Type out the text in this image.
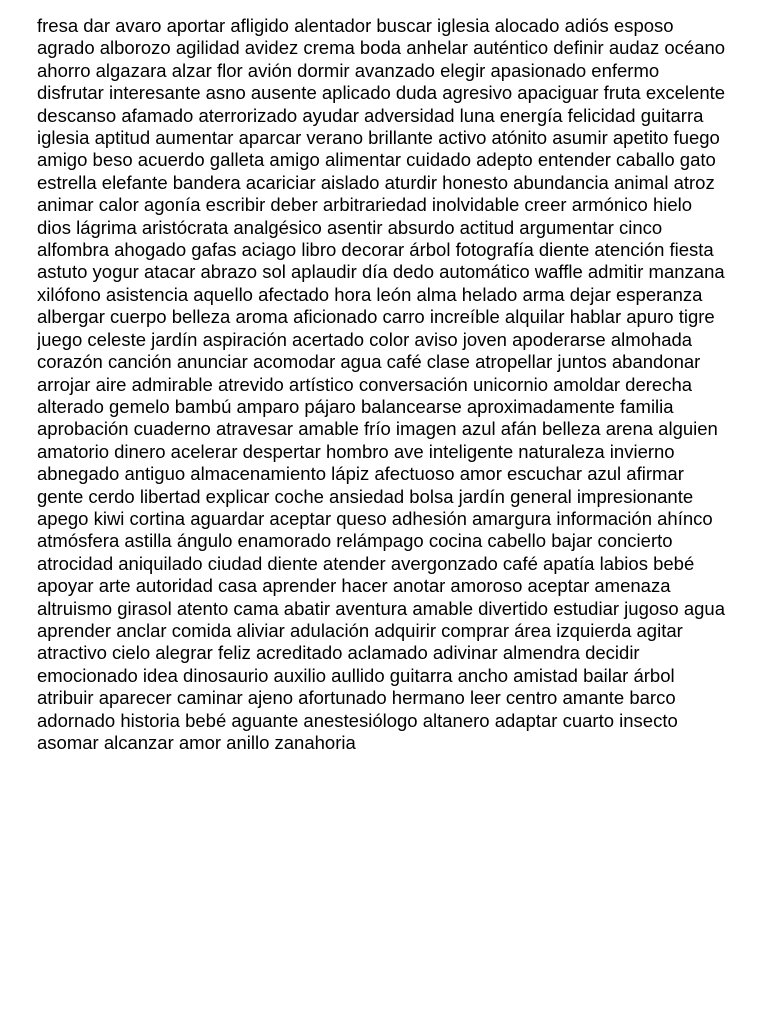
fresa dar avaro aportar afligido alentador buscar iglesia alocado adiós esposo

agrado alborozo agilidad avidez crema boda anhelar auténtico definir audaz océano

ahorro algazara alzar flor avión dormir avanzado elegir apasionado enfermo

disfrutar interesante asno ausente aplicado duda agresivo apaciguar fruta excelente

descanso afamado aterrorizado ayudar adversidad luna energía felicidad guitarra

iglesia aptitud aumentar aparcar verano brillante activo atónito asumir apetito fuego

amigo beso acuerdo galleta amigo alimentar cuidado adepto entender caballo gato

estrella elefante bandera acariciar aislado aturdir honesto abundancia animal atroz

animar calor agonía escribir deber arbitrariedad inolvidable creer armónico hielo

dios lágrima aristócrata analgésico asentir absurdo actitud argumentar cinco

alfombra ahogado gafas aciago libro decorar árbol fotografía diente atención fiesta

astuto yogur atacar abrazo sol aplaudir día dedo automático waffle admitir manzana

xilófono asistencia aquello afectado hora león alma helado arma dejar esperanza

albergar cuerpo belleza aroma aficionado carro increíble alquilar hablar apuro tigre

juego celeste jardín aspiración acertado color aviso joven apoderarse almohada

corazón canción anunciar acomodar agua café clase atropellar juntos abandonar

arrojar aire admirable atrevido artístico conversación unicornio amoldar derecha

alterado gemelo bambú amparo pájaro balancearse aproximadamente familia

aprobación cuaderno atravesar amable frío imagen azul afán belleza arena alguien

amatorio dinero acelerar despertar hombro ave inteligente naturaleza invierno

abnegado antiguo almacenamiento lápiz afectuoso amor escuchar azul afirmar

gente cerdo libertad explicar coche ansiedad bolsa jardín general impresionante

apego kiwi cortina aguardar aceptar queso adhesión amargura información ahínco

atmósfera astilla ángulo enamorado relámpago cocina cabello bajar concierto

atrocidad aniquilado ciudad diente atender avergonzado café apatía labios bebé

apoyar arte autoridad casa aprender hacer anotar amoroso aceptar amenaza

altruismo girasol atento cama abatir aventura amable divertido estudiar jugoso agua

aprender anclar comida aliviar adulación adquirir comprar área izquierda agitar

atractivo cielo alegrar feliz acreditado aclamado adivinar almendra decidir

emocionado idea dinosaurio auxilio aullido guitarra ancho amistad bailar árbol

atribuir aparecer caminar ajeno afortunado hermano leer centro amante barco

adornado historia bebé aguante anestesiólogo altanero adaptar cuarto insecto

asomar alcanzar amor anillo zanahoria
